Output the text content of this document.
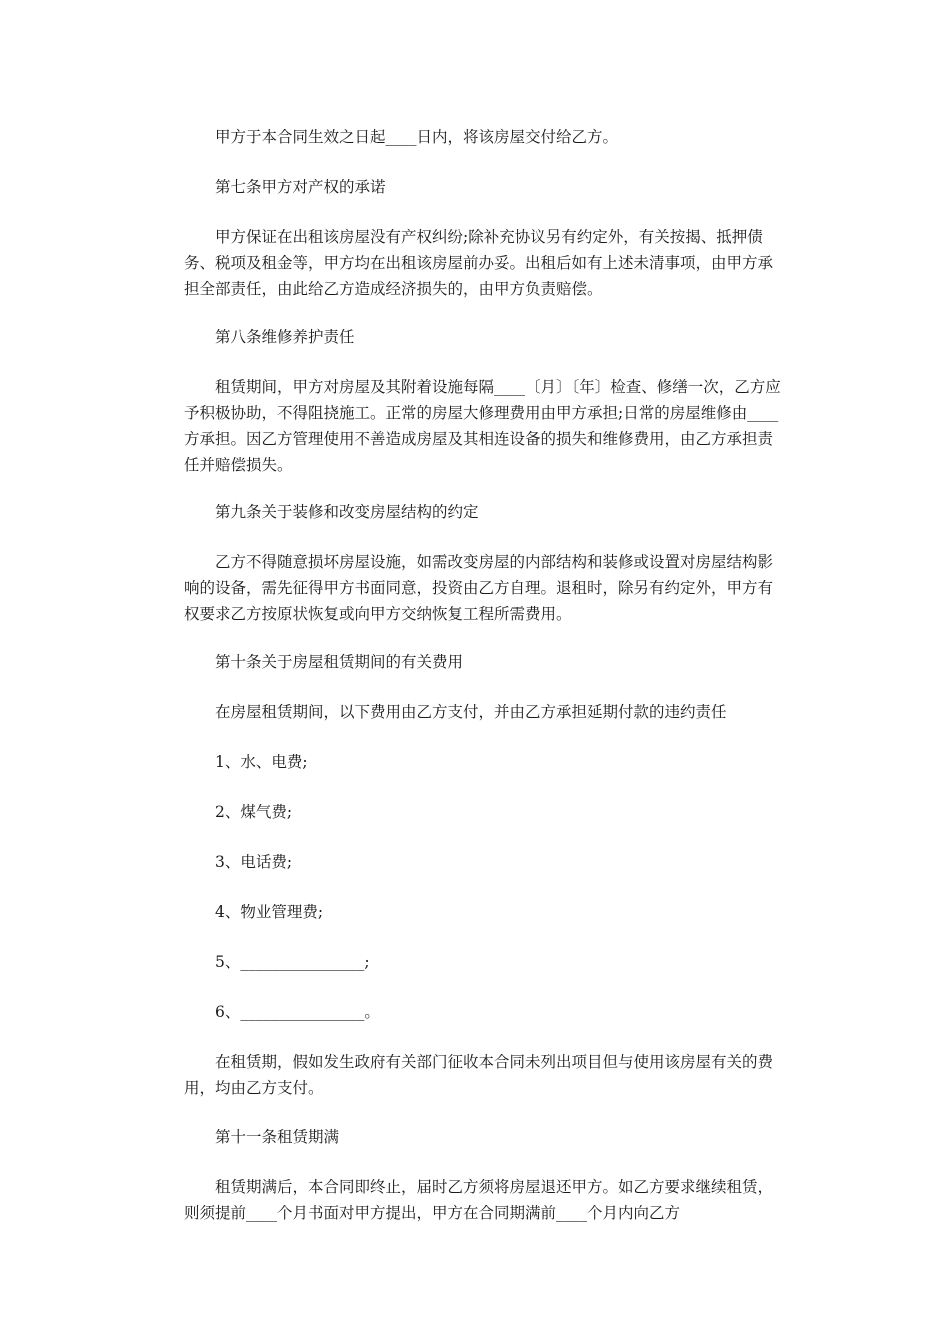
甲方于本合同生效之日起____日内，将该房屋交付给乙方。

第七条甲方对产权的承诺

甲方保证在出租该房屋没有产权纠纷;除补充协议另有约定外，有关按揭、抵押债务、税项及租金等，甲方均在出租该房屋前办妥。出租后如有上述未清事项，由甲方承担全部责任，由此给乙方造成经济损失的，由甲方负责赔偿。

第八条维修养护责任

租赁期间，甲方对房屋及其附着设施每隔____〔月〕〔年〕检查、修缮一次，乙方应予积极协助，不得阻挠施工。正常的房屋大修理费用由甲方承担;日常的房屋维修由____方承担。因乙方管理使用不善造成房屋及其相连设备的损失和维修费用，由乙方承担责任并赔偿损失。

第九条关于装修和改变房屋结构的约定

乙方不得随意损坏房屋设施，如需改变房屋的内部结构和装修或设置对房屋结构影响的设备，需先征得甲方书面同意，投资由乙方自理。退租时，除另有约定外，甲方有权要求乙方按原状恢复或向甲方交纳恢复工程所需费用。

第十条关于房屋租赁期间的有关费用

在房屋租赁期间，以下费用由乙方支付，并由乙方承担延期付款的违约责任

1、水、电费;

2、煤气费;

3、电话费;

4、物业管理费;

5、________________;

6、________________。

在租赁期，假如发生政府有关部门征收本合同未列出项目但与使用该房屋有关的费用，均由乙方支付。

第十一条租赁期满

租赁期满后，本合同即终止，届时乙方须将房屋退还甲方。如乙方要求继续租赁，则须提前____个月书面对甲方提出，甲方在合同期满前____个月内向乙方
